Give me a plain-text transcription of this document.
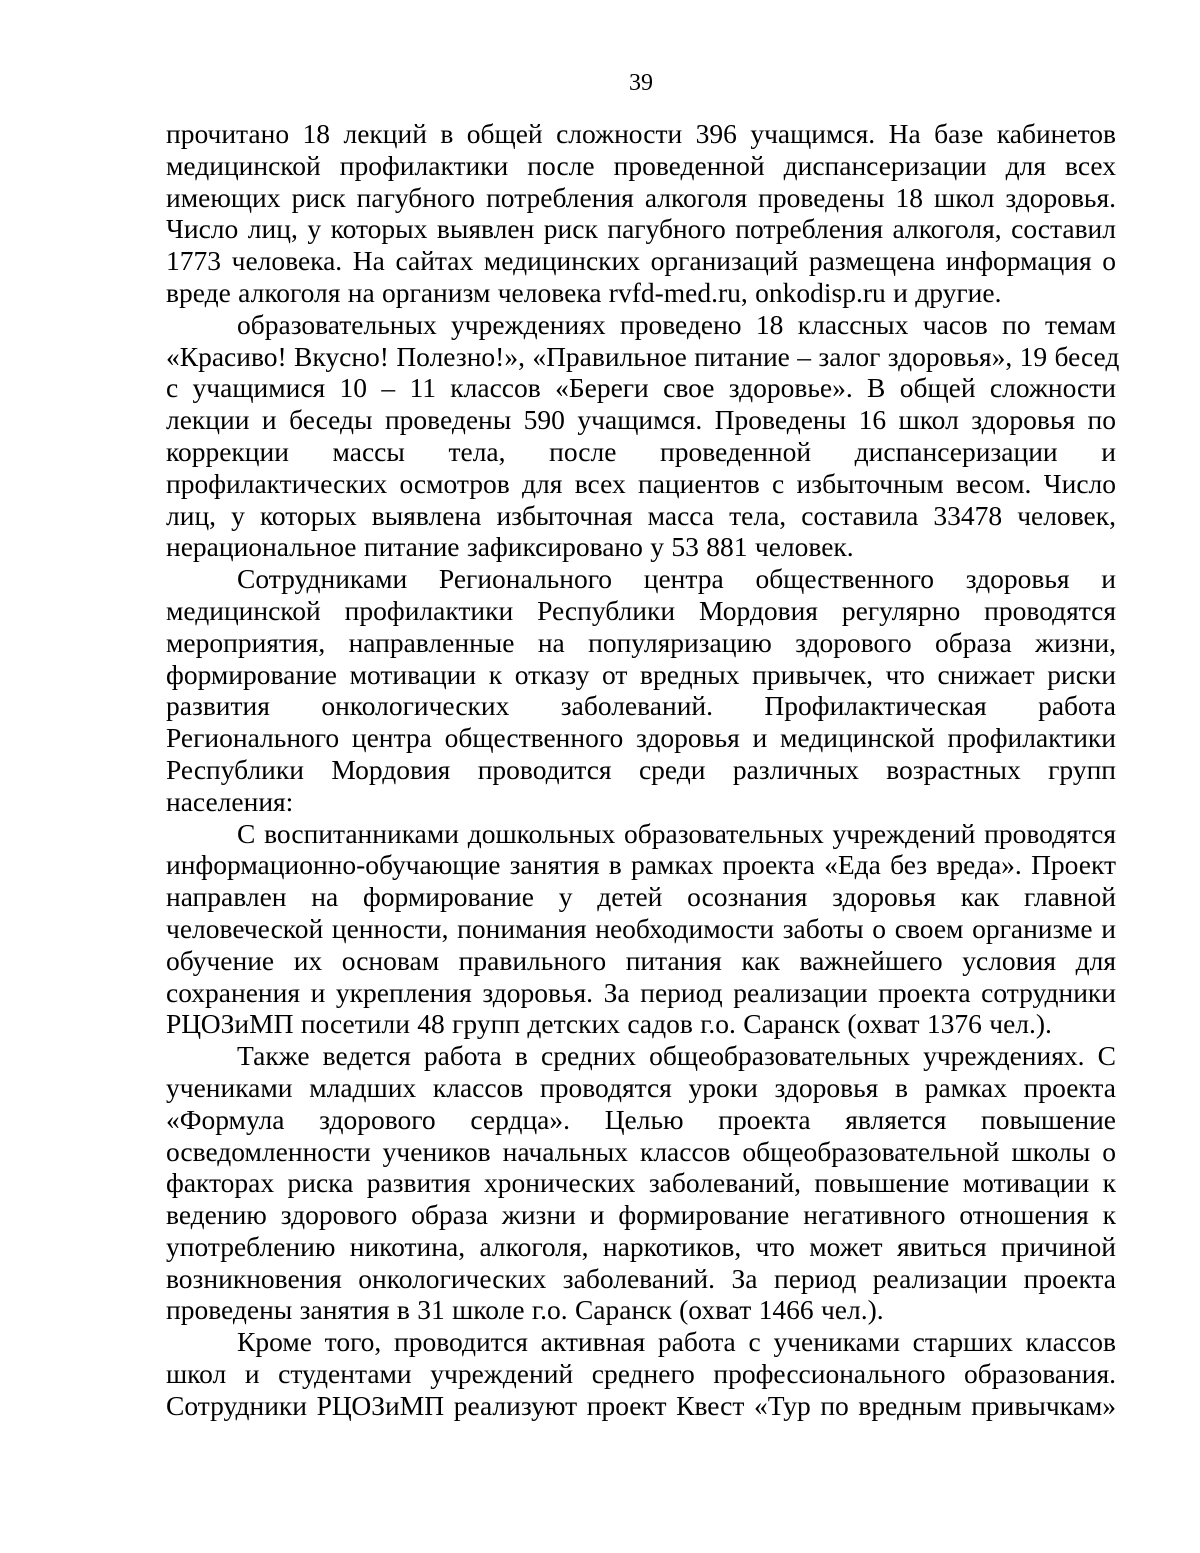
39
прочитано 18 лекций в общей сложности 396 учащимся. На базе кабинетов
медицинской профилактики после проведенной диспансеризации для всех
имеющих риск пагубного потребления алкоголя проведены 18 школ здоровья.
Число лиц, у которых выявлен риск пагубного потребления алкоголя, составил
1773 человека. На сайтах медицинских организаций размещена информация о
вреде алкоголя на организм человека rvfd-med.ru, onkodisp.ru и другие.
образовательных учреждениях проведено 18 классных часов по темам
«Красиво! Вкусно! Полезно!», «Правильное питание – залог здоровья», 19 бесед
с учащимися 10 – 11 классов «Береги свое здоровье». В общей сложности
лекции и беседы проведены 590 учащимся. Проведены 16 школ здоровья по
коррекции массы тела, после проведенной диспансеризации и
профилактических осмотров для всех пациентов с избыточным весом. Число
лиц, у которых выявлена избыточная масса тела, составила 33478 человек,
нерациональное питание зафиксировано у 53 881 человек.
Сотрудниками Регионального центра общественного здоровья и
медицинской профилактики Республики Мордовия регулярно проводятся
мероприятия, направленные на популяризацию здорового образа жизни,
формирование мотивации к отказу от вредных привычек, что снижает риски
развития онкологических заболеваний. Профилактическая работа
Регионального центра общественного здоровья и медицинской профилактики
Республики Мордовия проводится среди различных возрастных групп
населения:
С воспитанниками дошкольных образовательных учреждений проводятся
информационно-обучающие занятия в рамках проекта «Еда без вреда». Проект
направлен на формирование у детей осознания здоровья как главной
человеческой ценности, понимания необходимости заботы о своем организме и
обучение их основам правильного питания как важнейшего условия для
сохранения и укрепления здоровья. За период реализации проекта сотрудники
РЦОЗиМП посетили 48 групп детских садов г.о. Саранск (охват 1376 чел.).
Также ведется работа в средних общеобразовательных учреждениях. С
учениками младших классов проводятся уроки здоровья в рамках проекта
«Формула здорового сердца». Целью проекта является повышение
осведомленности учеников начальных классов общеобразовательной школы о
факторах риска развития хронических заболеваний, повышение мотивации к
ведению здорового образа жизни и формирование негативного отношения к
употреблению никотина, алкоголя, наркотиков, что может явиться причиной
возникновения онкологических заболеваний. За период реализации проекта
проведены занятия в 31 школе г.о. Саранск (охват 1466 чел.).
Кроме того, проводится активная работа с учениками старших классов
школ и студентами учреждений среднего профессионального образования.
Сотрудники РЦОЗиМП реализуют проект Квест «Тур по вредным привычкам»
